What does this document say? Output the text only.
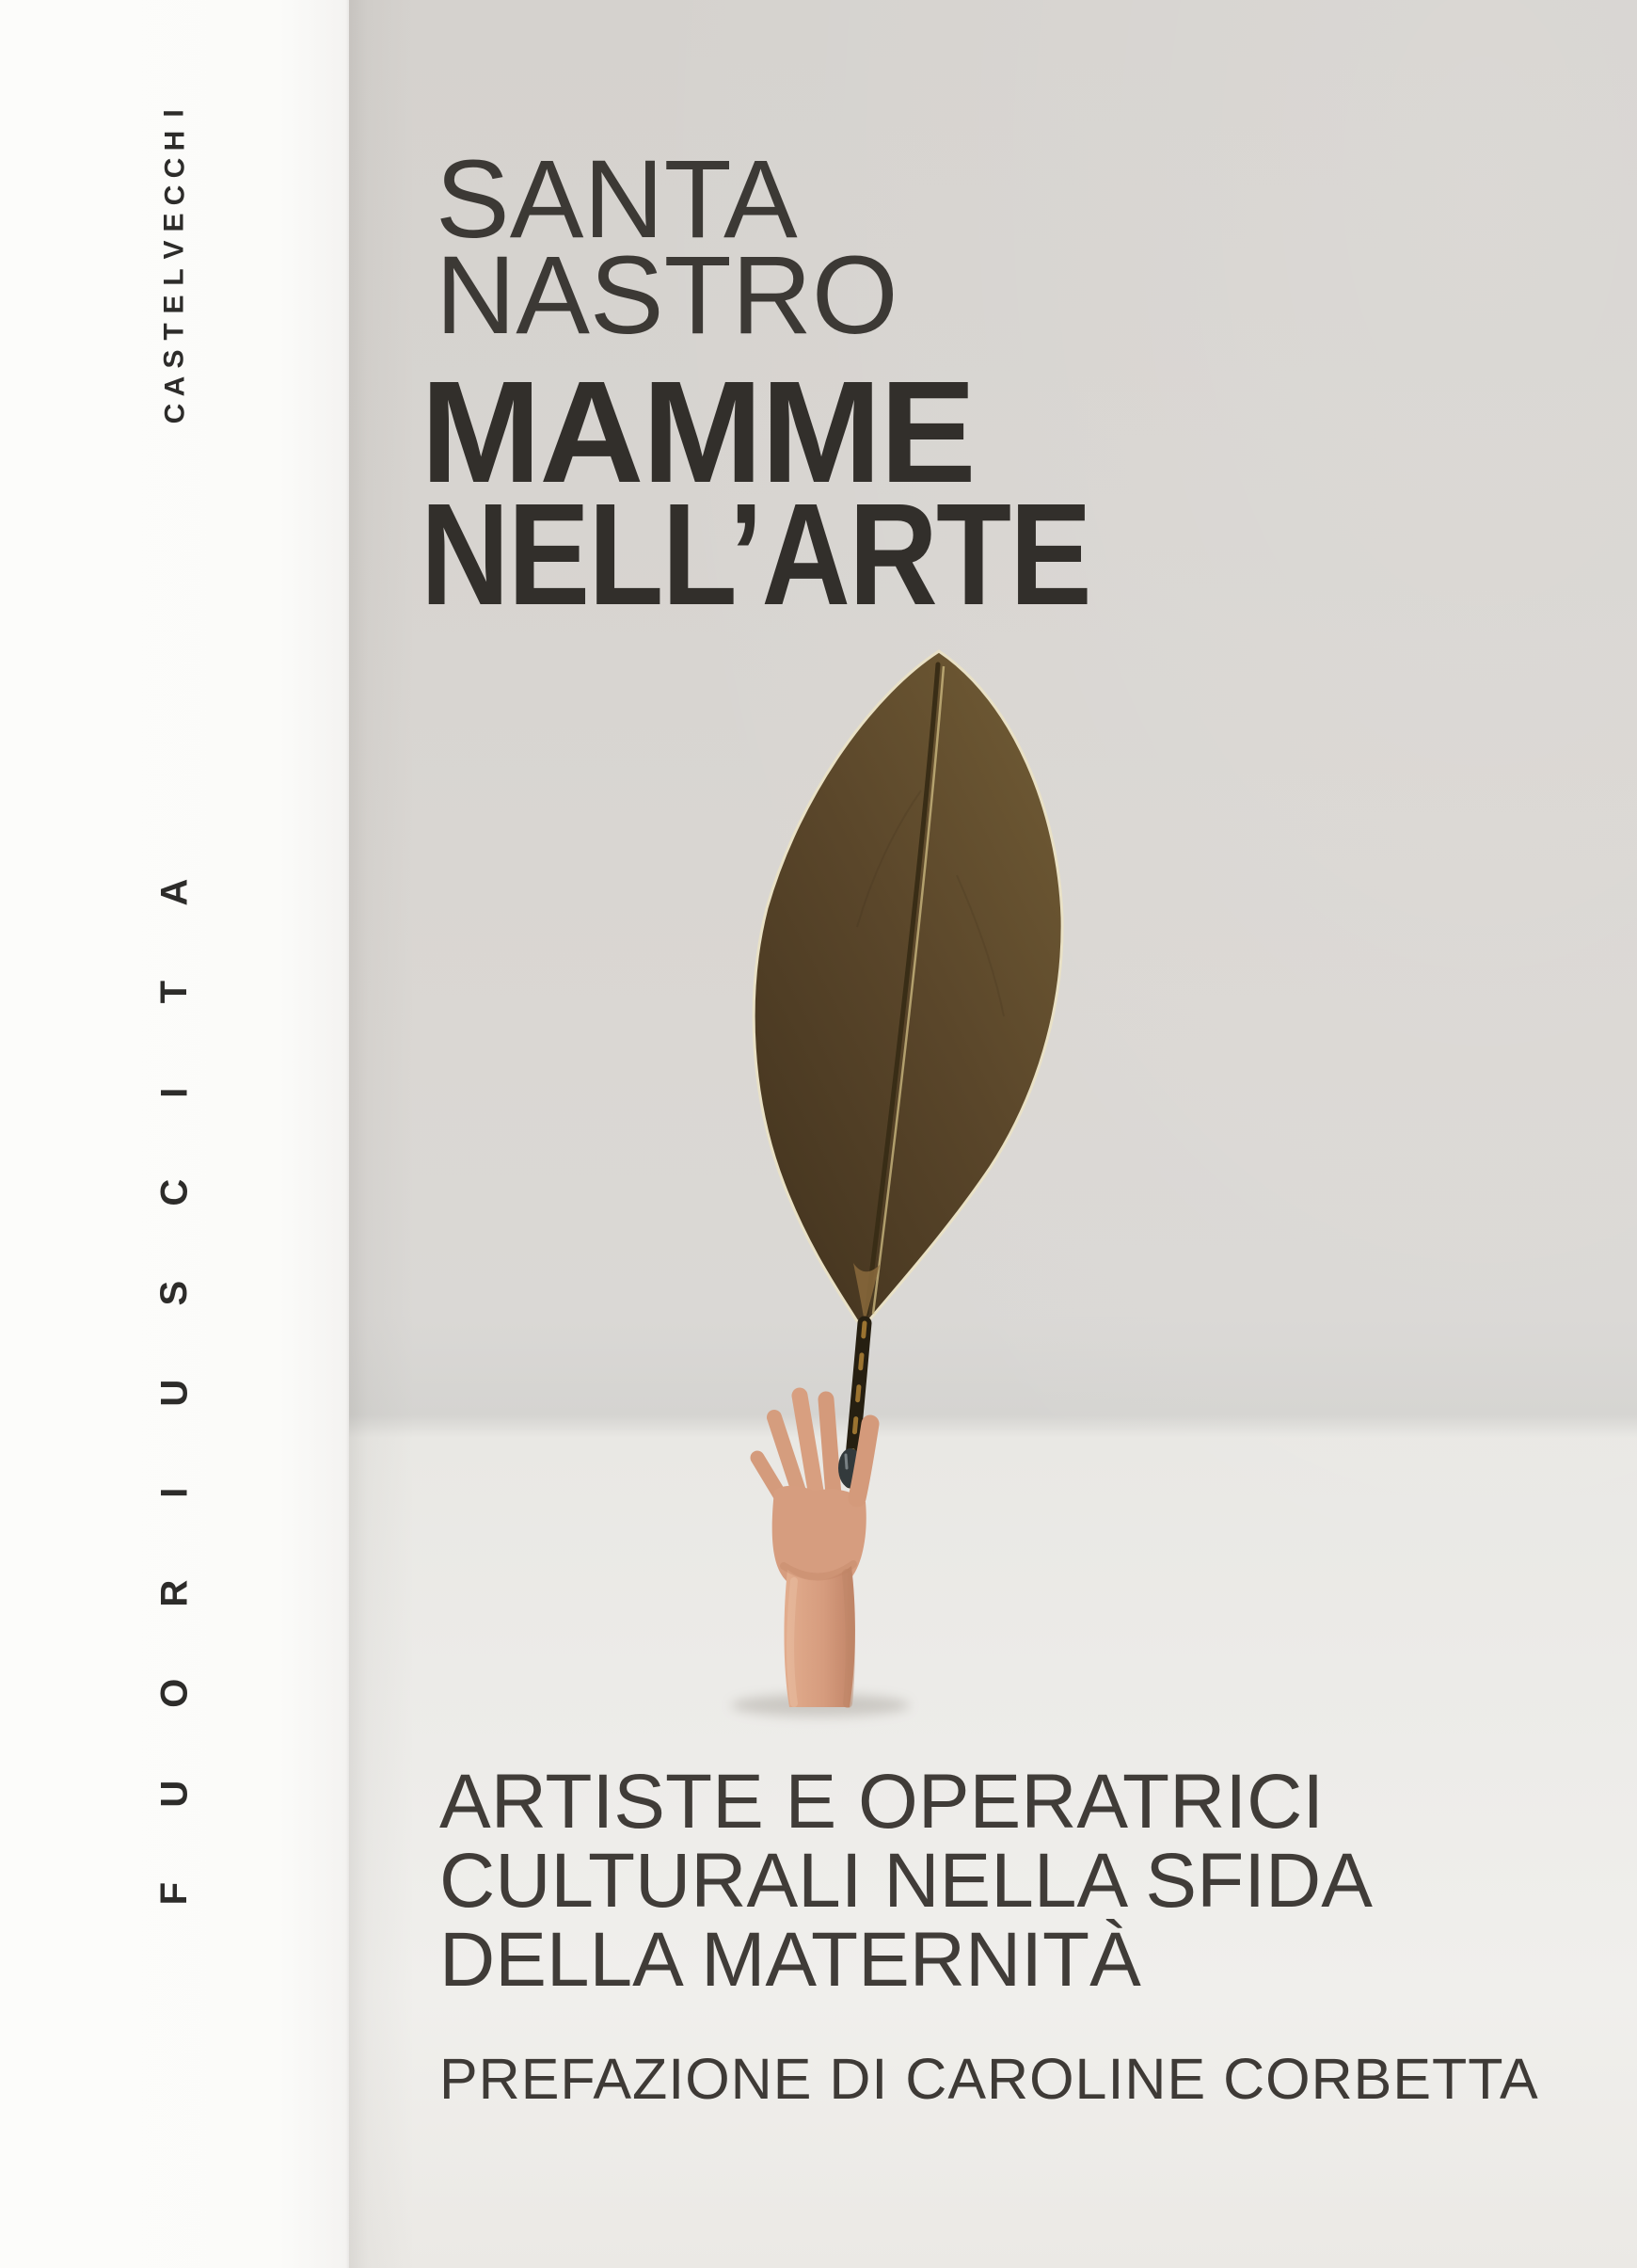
I
H
C
C
E
V
L
E
T
S
A
C
A
T
I
C
S
U
I
R
O
U
F
SANTA
NASTRO
MAMME
NELL’ARTE
ARTISTE E OPERATRICI
CULTURALI NELLA SFIDA
DELLA MATERNITÀ
PREFAZIONE DI CAROLINE CORBETTA
